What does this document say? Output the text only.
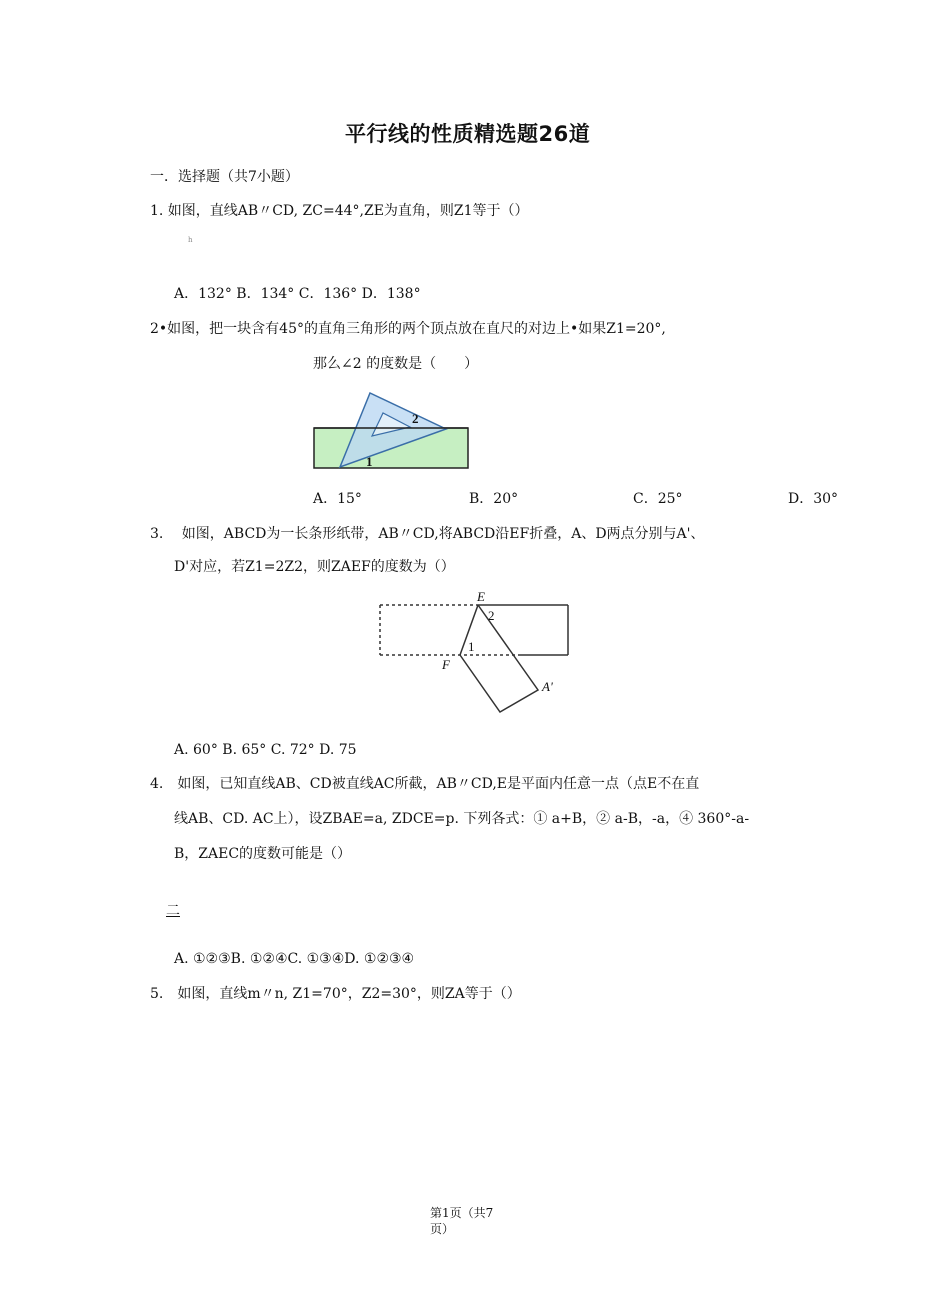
平行线的性质精选题26道
一．选择题（共7小题）
1. 如图，直线AB〃CD, ZC=44°,ZE为直角，则Z1等于（）
h
A．132° B．134° C．136° D．138°
2•如图，把一块含有45°的直角三角形的两个顶点放在直尺的对边上•如果Z1=20°,
那么∠2 的度数是（　　）
2
1
A．15°	B．20°	C．25°	D．30°
3.　 如图，ABCD为一长条形纸带，AB〃CD,将ABCD沿EF折叠，A、D两点分别与A'、
D'对应，若Z1=2Z2，则ZAEF的度数为（）
E
2
1
F
A'
A. 60° B. 65° C. 72° D. 75
4.　如图，已知直线AB、CD被直线AC所截，AB〃CD,E是平面内任意一点（点E不在直
线AB、CD. AC上），设ZBAE=a, ZDCE=p. 下列各式：① a+B，② a-B，-a，④ 360°-a-
B，ZAEC的度数可能是（）
二
A. ①②③B. ①②④C. ①③④D. ①②③④
5.　如图，直线m〃n, Z1=70°，Z2=30°，则ZA等于（）
第1页（共7
页）
